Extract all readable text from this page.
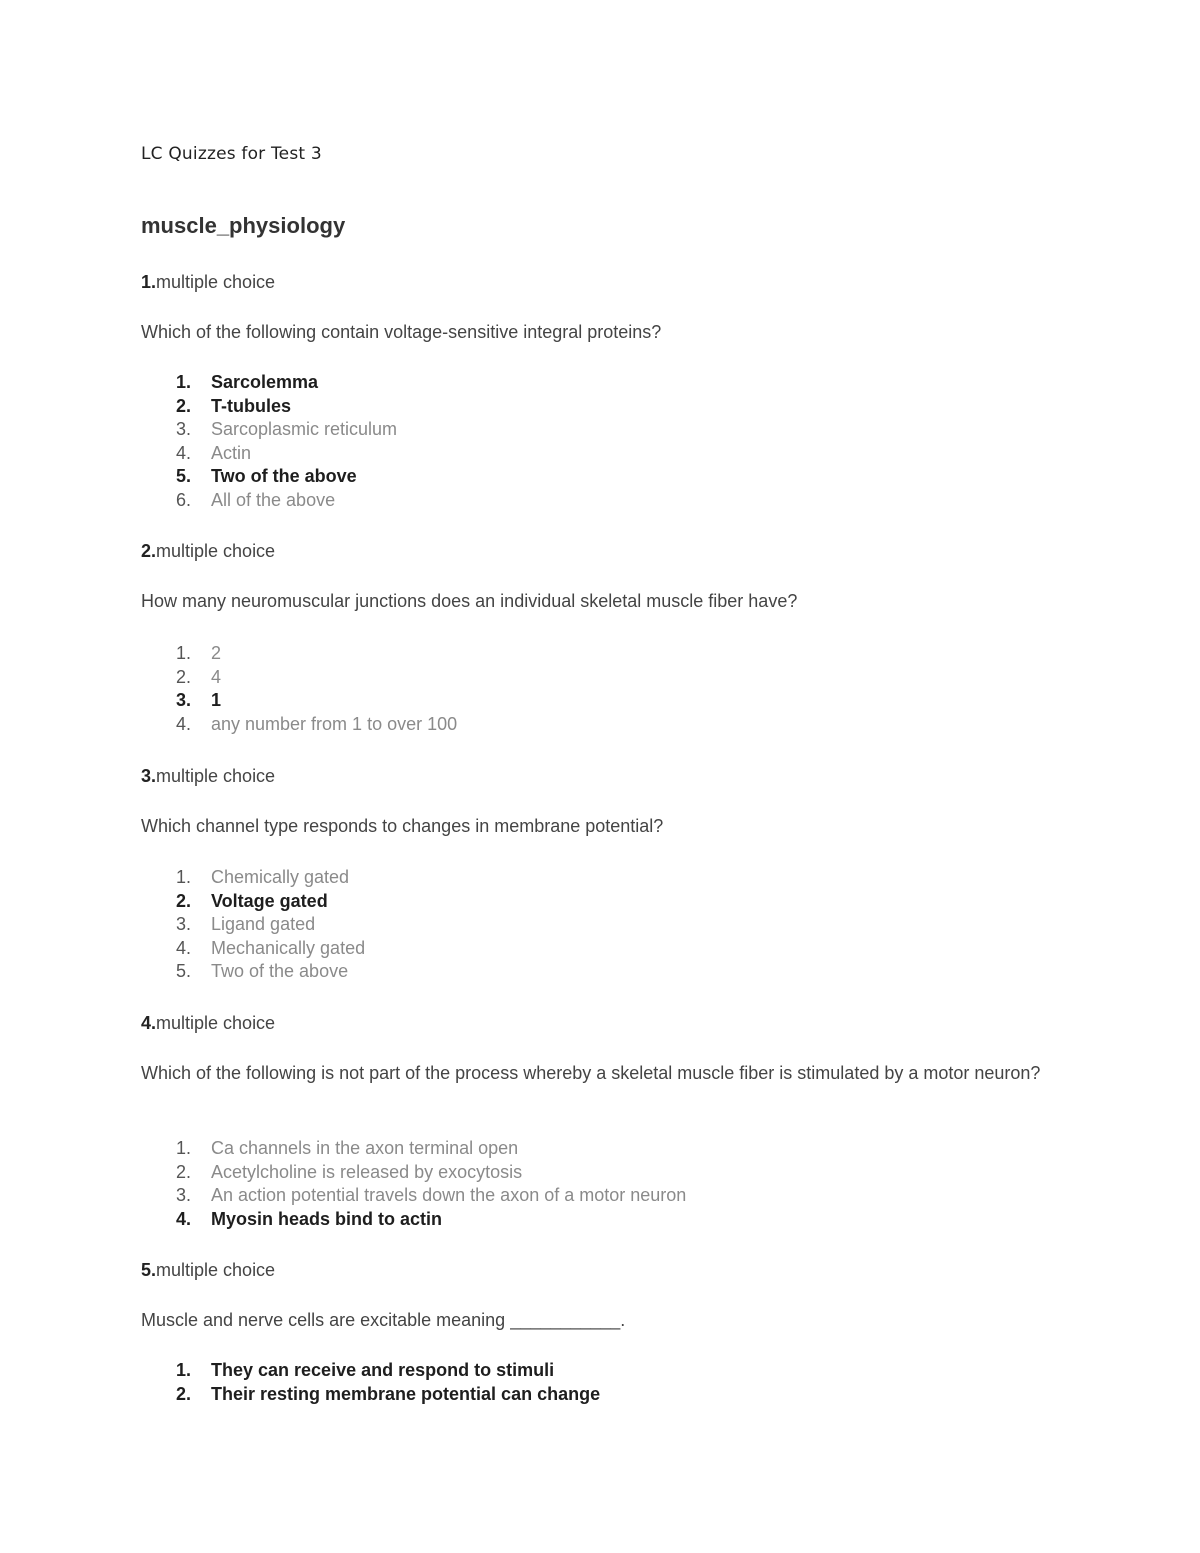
LC Quizzes for Test 3

muscle_physiology

1.multiple choice

Which of the following contain voltage-sensitive integral proteins?

1.	Sarcolemma
2.	T-tubules
3.	Sarcoplasmic reticulum
4.	Actin
5.	Two of the above
6.	All of the above

2.multiple choice

How many neuromuscular junctions does an individual skeletal muscle fiber have?

1.	2
2.	4
3.	1
4.	any number from 1 to over 100

3.multiple choice

Which channel type responds to changes in membrane potential?

1.	Chemically gated
2.	Voltage gated
3.	Ligand gated
4.	Mechanically gated
5.	Two of the above

4.multiple choice

Which of the following is not part of the process whereby a skeletal muscle fiber is stimulated by a motor neuron?

1.	Ca channels in the axon terminal open
2.	Acetylcholine is released by exocytosis
3.	An action potential travels down the axon of a motor neuron
4.	Myosin heads bind to actin

5.multiple choice

Muscle and nerve cells are excitable meaning ___________.

1.	They can receive and respond to stimuli
2.	Their resting membrane potential can change
